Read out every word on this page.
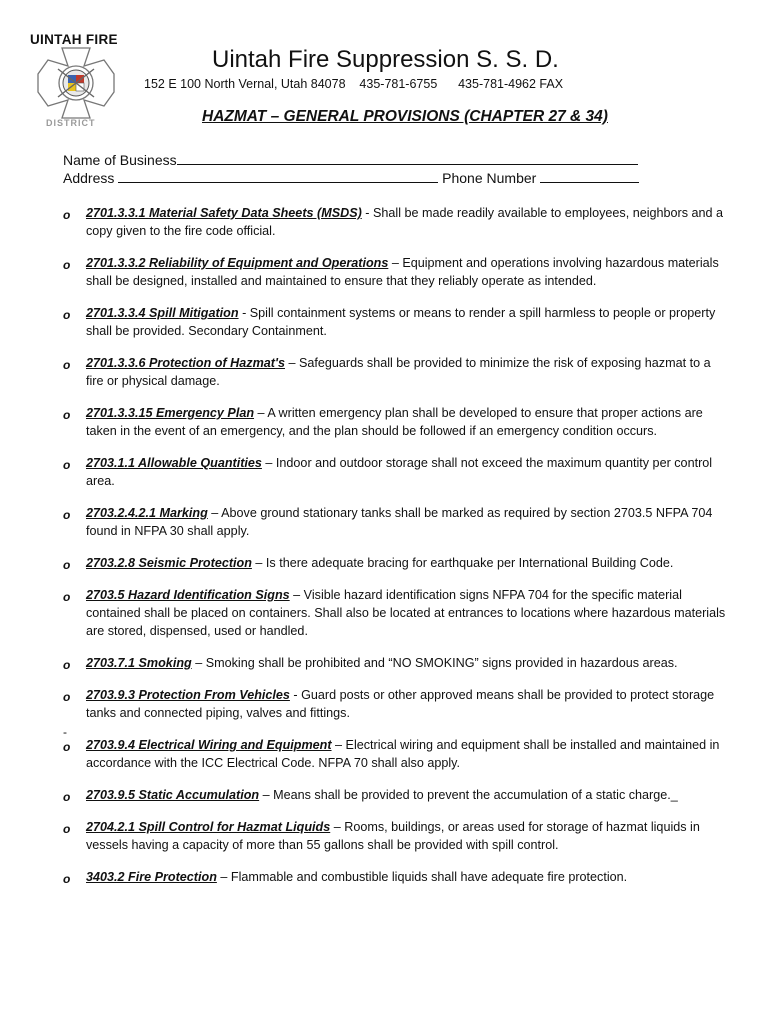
UINTAH FIRE
DISTRICT
Uintah Fire Suppression S. S. D.
152 E 100 North Vernal, Utah 84078    435-781-6755      435-781-4962 FAX
HAZMAT – GENERAL PROVISIONS (CHAPTER 27 & 34)
Name of Business
Address	Phone Number
-
o 2701.3.3.1 Material Safety Data Sheets (MSDS) - Shall be made readily available to employees, neighbors and a copy given to the fire code official.
o 2701.3.3.2 Reliability of Equipment and Operations – Equipment and operations involving hazardous materials shall be designed, installed and maintained to ensure that they reliably operate as intended.
o 2701.3.3.4 Spill Mitigation - Spill containment systems or means to render a spill harmless to people or property shall be provided. Secondary Containment.
o 2701.3.3.6 Protection of Hazmat's – Safeguards shall be provided to minimize the risk of exposing hazmat to a fire or physical damage.
o 2701.3.3.15 Emergency Plan – A written emergency plan shall be developed to ensure that proper actions are taken in the event of an emergency, and the plan should be followed if an emergency condition occurs.
o 2703.1.1 Allowable Quantities – Indoor and outdoor storage shall not exceed the maximum quantity per control area.
o 2703.2.4.2.1 Marking – Above ground stationary tanks shall be marked as required by section 2703.5 NFPA 704 found in NFPA 30 shall apply.
o 2703.2.8 Seismic Protection – Is there adequate bracing for earthquake per International Building Code.
o 2703.5 Hazard Identification Signs – Visible hazard identification signs NFPA 704 for the specific material contained shall be placed on containers. Shall also be located at entrances to locations where hazardous materials are stored, dispensed, used or handled.
o 2703.7.1 Smoking – Smoking shall be prohibited and “NO SMOKING” signs provided in hazardous areas.
o 2703.9.3 Protection From Vehicles - Guard posts or other approved means shall be provided to protect storage tanks and connected piping, valves and fittings.
o 2703.9.4 Electrical Wiring and Equipment – Electrical wiring and equipment shall be installed and maintained in accordance with the ICC Electrical Code. NFPA 70 shall also apply.
o 2703.9.5 Static Accumulation – Means shall be provided to prevent the accumulation of a static charge._
o 2704.2.1 Spill Control for Hazmat Liquids – Rooms, buildings, or areas used for storage of hazmat liquids in vessels having a capacity of more than 55 gallons shall be provided with spill control.
o 3403.2 Fire Protection – Flammable and combustible liquids shall have adequate fire protection.
